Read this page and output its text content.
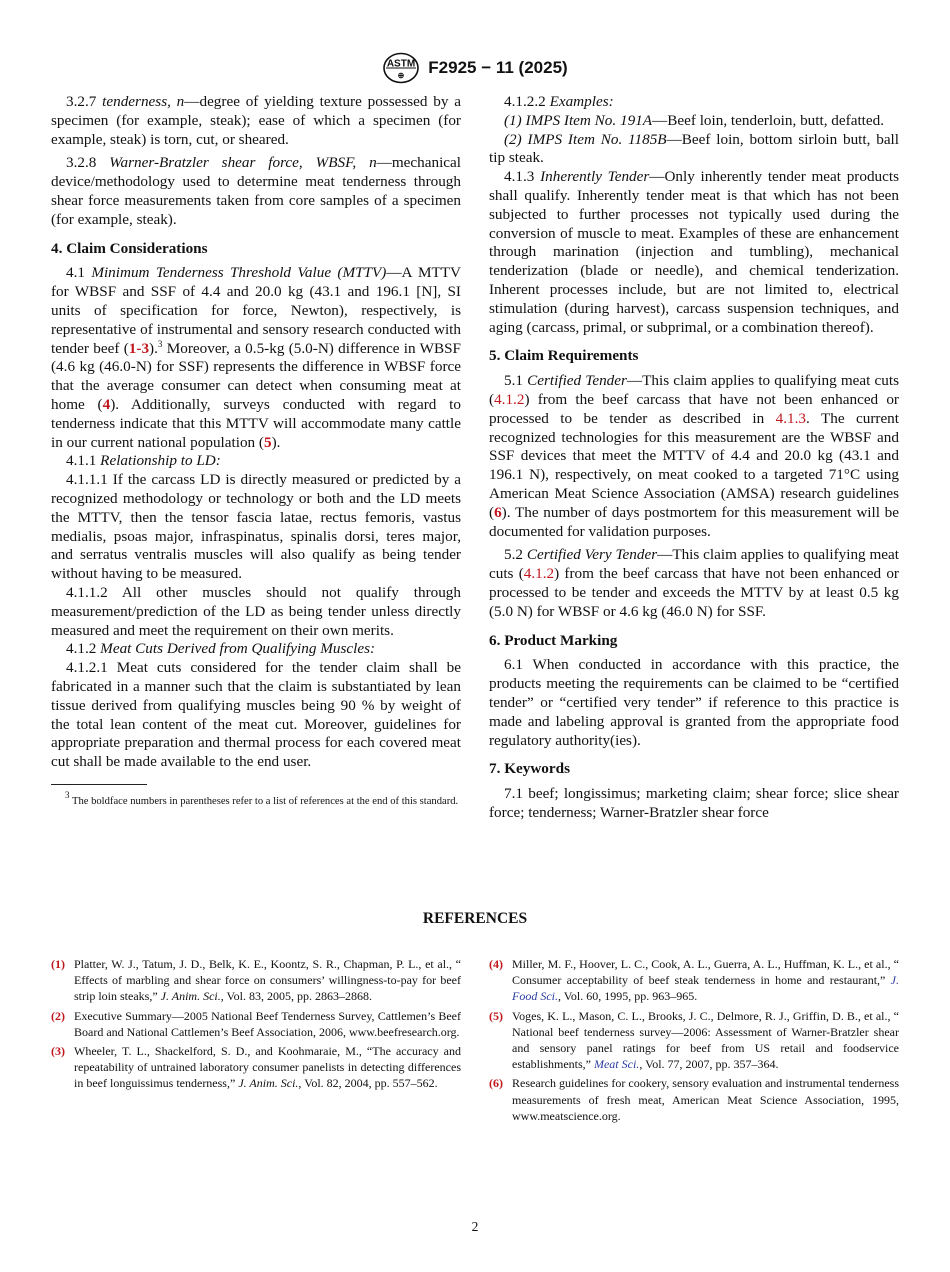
ASTM
⊕ F2925 − 11 (2025)

3.2.7 tenderness, n—degree of yielding texture possessed by a specimen (for example, steak); ease of which a specimen (for example, steak) is torn, cut, or sheared.

3.2.8 Warner-Bratzler shear force, WBSF, n—mechanical device/methodology used to determine meat tenderness through shear force measurements taken from core samples of a specimen (for example, steak).

4. Claim Considerations

4.1 Minimum Tenderness Threshold Value (MTTV)—A MTTV for WBSF and SSF of 4.4 and 20.0 kg (43.1 and 196.1 [N], SI units of specification for force, Newton), respectively, is representative of instrumental and sensory research conducted with tender beef (1-3).$^3$ Moreover, a 0.5-kg (5.0-N) difference in WBSF (4.6 kg (46.0-N) for SSF) represents the difference in WBSF force that the average consumer can detect when consuming meat at home (4). Additionally, surveys conducted with regard to tenderness indicate that this MTTV will accommodate many cattle in our current national population (5).

4.1.1 Relationship to LD:

4.1.1.1 If the carcass LD is directly measured or predicted by a recognized methodology or technology or both and the LD meets the MTTV, then the tensor fascia latae, rectus femoris, vastus medialis, psoas major, infraspinatus, spinalis dorsi, teres major, and serratus ventralis muscles will also qualify as being tender without having to be measured.

4.1.1.2 All other muscles should not qualify through measurement/prediction of the LD as being tender unless directly measured and meet the requirement on their own merits.

4.1.2 Meat Cuts Derived from Qualifying Muscles:

4.1.2.1 Meat cuts considered for the tender claim shall be fabricated in a manner such that the claim is substantiated by lean tissue derived from qualifying muscles being 90 % by weight of the total lean content of the meat cut. Moreover, guidelines for appropriate preparation and thermal process for each covered meat cut shall be made available to the end user.

$^3$ The boldface numbers in parentheses refer to a list of references at the end of this standard.

4.1.2.2 Examples:

(1) IMPS Item No. 191A—Beef loin, tenderloin, butt, defatted.

(2) IMPS Item No. 1185B—Beef loin, bottom sirloin butt, ball tip steak.

4.1.3 Inherently Tender—Only inherently tender meat products shall qualify. Inherently tender meat is that which has not been subjected to further processes not typically used during the conversion of muscle to meat. Examples of these are enhancement through marination (injection and tumbling), mechanical tenderization (blade or needle), and chemical tenderization. Inherent processes include, but are not limited to, electrical stimulation (during harvest), carcass suspension techniques, and aging (carcass, primal, or subprimal, or a combination thereof).

5. Claim Requirements

5.1 Certified Tender—This claim applies to qualifying meat cuts (4.1.2) from the beef carcass that have not been enhanced or processed to be tender as described in 4.1.3. The current recognized technologies for this measurement are the WBSF and SSF devices that meet the MTTV of 4.4 and 20.0 kg (43.1 and 196.1 N), respectively, on meat cooked to a targeted 71°C using American Meat Science Association (AMSA) research guidelines (6). The number of days postmortem for this measurement will be documented for validation purposes.

5.2 Certified Very Tender—This claim applies to qualifying meat cuts (4.1.2) from the beef carcass that have not been enhanced or processed to be tender and exceeds the MTTV by at least 0.5 kg (5.0 N) for WBSF or 4.6 kg (46.0 N) for SSF.

6. Product Marking

6.1 When conducted in accordance with this practice, the products meeting the requirements can be claimed to be “certified tender” or “certified very tender” if reference to this practice is made and labeling approval is granted from the appropriate food regulatory authority(ies).

7. Keywords

7.1 beef; longissimus; marketing claim; shear force; slice shear force; tenderness; Warner-Bratzler shear force

REFERENCES
(1) Platter, W. J., Tatum, J. D., Belk, K. E., Koontz, S. R., Chapman, P. L., et al., “ Effects of marbling and shear force on consumers’ willingness-to-pay for beef strip loin steaks,” J. Anim. Sci., Vol. 83, 2005, pp. 2863–2868.
(2) Executive Summary—2005 National Beef Tenderness Survey, Cattlemen’s Beef Board and National Cattlemen’s Beef Association, 2006, www.beefresearch.org.
(3) Wheeler, T. L., Shackelford, S. D., and Koohmaraie, M., “The accuracy and repeatability of untrained laboratory consumer panelists in detecting differences in beef longuissimus tenderness,” J. Anim. Sci., Vol. 82, 2004, pp. 557–562.
(4) Miller, M. F., Hoover, L. C., Cook, A. L., Guerra, A. L., Huffman, K. L., et al., “ Consumer acceptability of beef steak tenderness in home and restaurant,” J. Food Sci., Vol. 60, 1995, pp. 963–965.
(5) Voges, K. L., Mason, C. L., Brooks, J. C., Delmore, R. J., Griffin, D. B., et al., “ National beef tenderness survey—2006: Assessment of Warner-Bratzler shear and sensory panel ratings for beef from US retail and foodservice establishments,” Meat Sci., Vol. 77, 2007, pp. 357–364.
(6) Research guidelines for cookery, sensory evaluation and instrumental tenderness measurements of fresh meat, American Meat Science Association, 1995, www.meatscience.org.
2
